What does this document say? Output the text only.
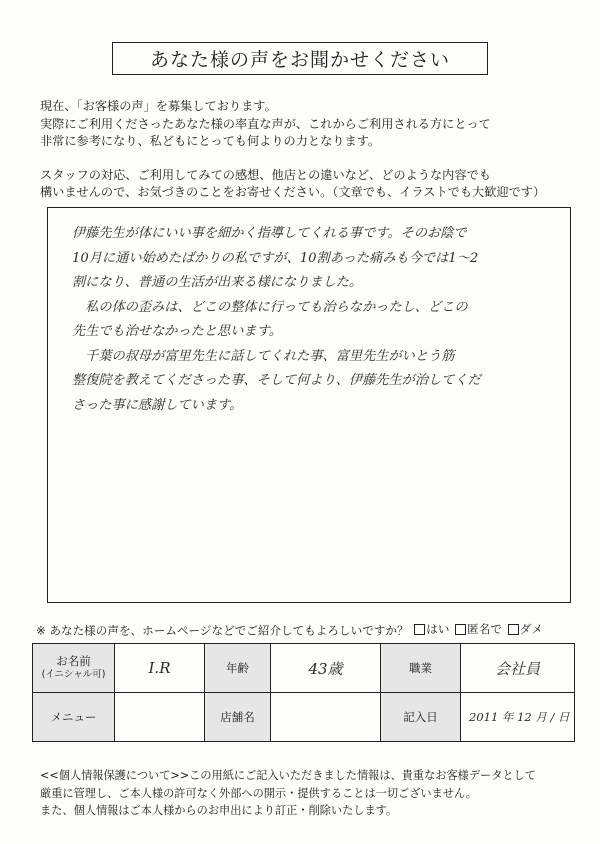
あなた様の声をお聞かせください

現在、「お客様の声」を募集しております。

実際にご利用くださったあなた様の率直な声が、これからご利用される方にとって

非常に参考になり、私どもにとっても何よりの力となります。

スタッフの対応、ご利用してみての感想、他店との違いなど、どのような内容でも

構いませんので、お気づきのことをお寄せください。（文章でも、イラストでも大歓迎です）

伊藤先生が体にいい事を細かく指導してくれる事です。そのお陰で

10月に通い始めたばかりの私ですが、10割あった痛みも今では1〜2

割になり、普通の生活が出来る様になりました。

　私の体の歪みは、どこの整体に行っても治らなかったし、どこの

先生でも治せなかったと思います。

　千葉の叔母が富里先生に話してくれた事、富里先生がいとう筋

整復院を教えてくださった事、そして何より、伊藤先生が治してくだ

さった事に感謝しています。

※ あなた様の声を、ホームページなどでご紹介してもよろしいですか？ はい
匿名で
ダメ
お名前
(イニシャル可)	I.R	年齢	43歳	職業	会社員
メニュー		店舗名		記入日	2011 年 12 月 / 日

<<個人情報保護について>>この用紙にご記入いただきました情報は、貴重なお客様データとして

厳重に管理し、ご本人様の許可なく外部への開示・提供することは一切ございません。

また、個人情報はご本人様からのお申出により訂正・削除いたします。
